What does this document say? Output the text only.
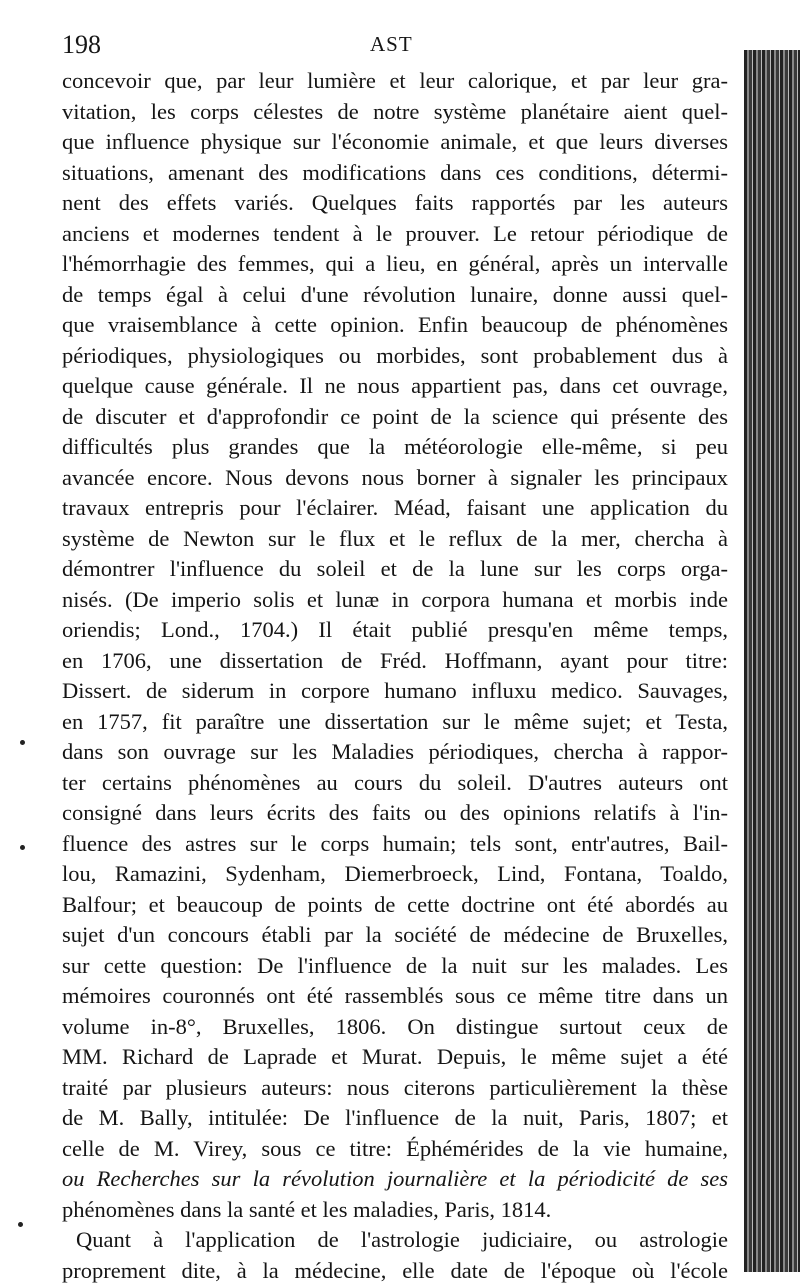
198	AST
concevoir que, par leur lumière et leur calorique, et par leur gra-
vitation, les corps célestes de notre système planétaire aient quel-
que influence physique sur l'économie animale, et que leurs diverses
situations, amenant des modifications dans ces conditions, détermi-
nent des effets variés. Quelques faits rapportés par les auteurs
anciens et modernes tendent à le prouver. Le retour périodique de
l'hémorrhagie des femmes, qui a lieu, en général, après un intervalle
de temps égal à celui d'une révolution lunaire, donne aussi quel-
que vraisemblance à cette opinion. Enfin beaucoup de phénomènes
périodiques, physiologiques ou morbides, sont probablement dus à
quelque cause générale. Il ne nous appartient pas, dans cet ouvrage,
de discuter et d'approfondir ce point de la science qui présente des
difficultés plus grandes que la météorologie elle-même, si peu
avancée encore. Nous devons nous borner à signaler les principaux
travaux entrepris pour l'éclairer. Méad, faisant une application du
système de Newton sur le flux et le reflux de la mer, chercha à
démontrer l'influence du soleil et de la lune sur les corps orga-
nisés. (De imperio solis et lunæ in corpora humana et morbis inde
oriendis; Lond., 1704.) Il était publié presqu'en même temps,
en 1706, une dissertation de Fréd. Hoffmann, ayant pour titre:
Dissert. de siderum in corpore humano influxu medico. Sauvages,
en 1757, fit paraître une dissertation sur le même sujet; et Testa,
dans son ouvrage sur les Maladies périodiques, chercha à rappor-
ter certains phénomènes au cours du soleil. D'autres auteurs ont
consigné dans leurs écrits des faits ou des opinions relatifs à l'in-
fluence des astres sur le corps humain; tels sont, entr'autres, Bail-
lou, Ramazini, Sydenham, Diemerbroeck, Lind, Fontana, Toaldo,
Balfour; et beaucoup de points de cette doctrine ont été abordés au
sujet d'un concours établi par la société de médecine de Bruxelles,
sur cette question: De l'influence de la nuit sur les malades. Les
mémoires couronnés ont été rassemblés sous ce même titre dans un
volume in-8°, Bruxelles, 1806. On distingue surtout ceux de
MM. Richard de Laprade et Murat. Depuis, le même sujet a été
traité par plusieurs auteurs: nous citerons particulièrement la thèse
de M. Bally, intitulée: De l'influence de la nuit, Paris, 1807; et
celle de M. Virey, sous ce titre: Éphémérides de la vie humaine,
ou Recherches sur la révolution journalière et la périodicité de ses
phénomènes dans la santé et les maladies, Paris, 1814.
Quant à l'application de l'astrologie judiciaire, ou astrologie
proprement dite, à la médecine, elle date de l'époque où l'école
